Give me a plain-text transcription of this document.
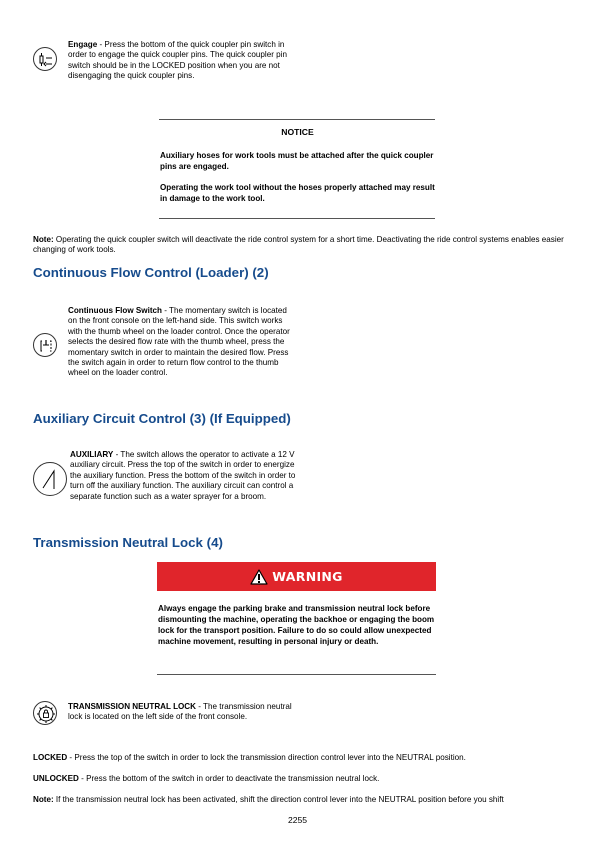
Engage - Press the bottom of the quick coupler pin switch in order to engage the quick coupler pins. The quick coupler pin switch should be in the LOCKED position when you are not disengaging the quick coupler pins.
NOTICE
Auxiliary hoses for work tools must be attached after the quick coupler pins are engaged.
Operating the work tool without the hoses properly attached may result in damage to the work tool.
Note: Operating the quick coupler switch will deactivate the ride control system for a short time. Deactivating the ride control systems enables easier changing of work tools.
Continuous Flow Control (Loader) (2)
Continuous Flow Switch - The momentary switch is located on the front console on the left-hand side. This switch works with the thumb wheel on the loader control. Once the operator selects the desired flow rate with the thumb wheel, press the momentary switch in order to maintain the desired flow. Press the switch again in order to return flow control to the thumb wheel on the loader control.
Auxiliary Circuit Control (3) (If Equipped)
AUXILIARY - The switch allows the operator to activate a 12 V auxiliary circuit. Press the top of the switch in order to energize the auxiliary function. Press the bottom of the switch in order to turn off the auxiliary function. The auxiliary circuit can control a separate function such as a water sprayer for a broom.
Transmission Neutral Lock (4)
WARNING
Always engage the parking brake and transmission neutral lock before dismounting the machine, operating the backhoe or engaging the boom lock for the transport position. Failure to do so could allow unexpected machine movement, resulting in personal injury or death.
TRANSMISSION NEUTRAL LOCK - The transmission neutral lock is located on the left side of the front console.
LOCKED - Press the top of the switch in order to lock the transmission direction control lever into the NEUTRAL position.
UNLOCKED - Press the bottom of the switch in order to deactivate the transmission neutral lock.
Note: If the transmission neutral lock has been activated, shift the direction control lever into the NEUTRAL position before you shift
2255
